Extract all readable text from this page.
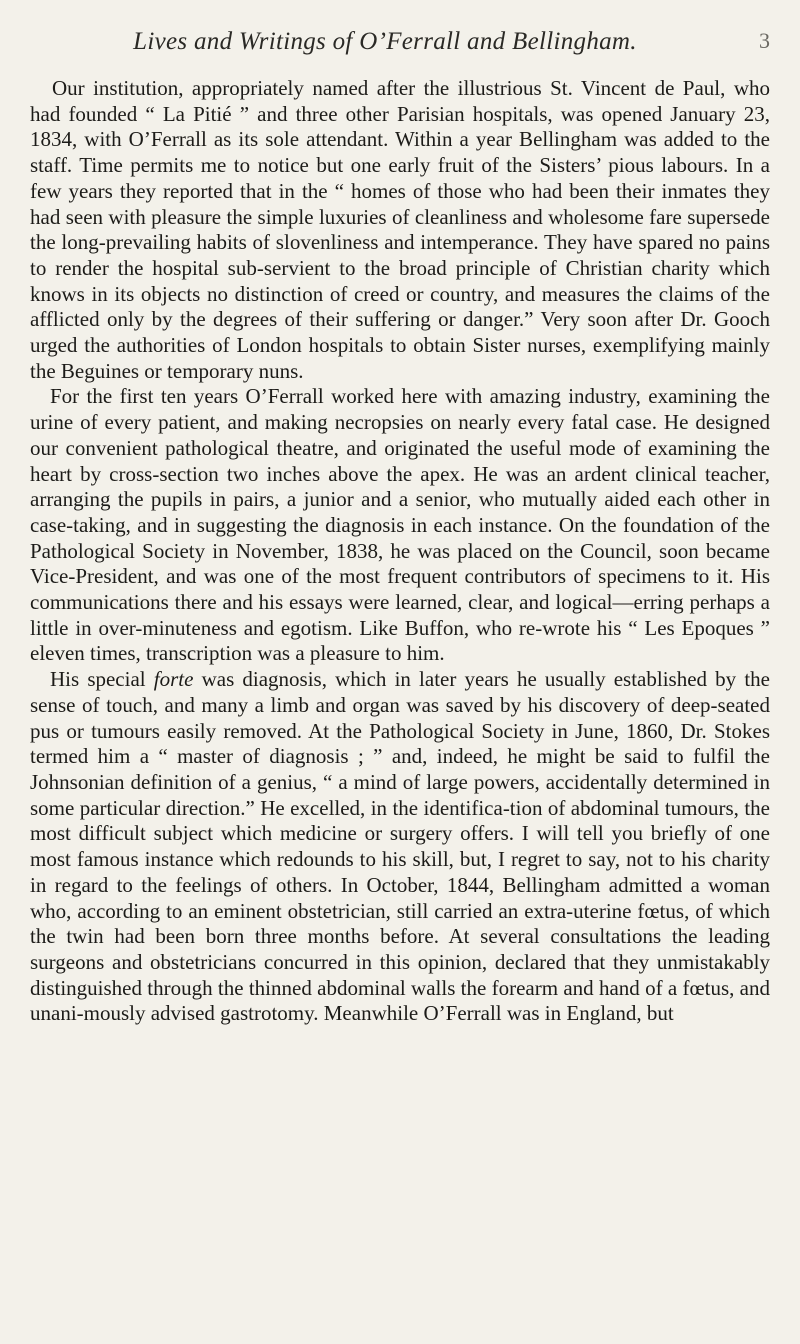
Lives and Writings of O’Ferrall and Bellingham.	3

Our institution, appropriately named after the illustrious St. Vincent de Paul, who had founded “ La Pitié ” and three other Parisian hospitals, was opened January 23, 1834, with O’Ferrall as its sole attendant. Within a year Bellingham was added to the staff. Time permits me to notice but one early fruit of the Sisters’ pious labours. In a few years they reported that in the “ homes of those who had been their inmates they had seen with pleasure the simple luxuries of cleanliness and wholesome fare supersede the long-prevailing habits of slovenliness and intemperance. They have spared no pains to render the hospital sub-servient to the broad principle of Christian charity which knows in its objects no distinction of creed or country, and measures the claims of the afflicted only by the degrees of their suffering or danger.” Very soon after Dr. Gooch urged the authorities of London hospitals to obtain Sister nurses, exemplifying mainly the Beguines or temporary nuns.

For the first ten years O’Ferrall worked here with amazing industry, examining the urine of every patient, and making necropsies on nearly every fatal case. He designed our convenient pathological theatre, and originated the useful mode of examining the heart by cross-section two inches above the apex. He was an ardent clinical teacher, arranging the pupils in pairs, a junior and a senior, who mutually aided each other in case-taking, and in suggesting the diagnosis in each instance. On the foundation of the Pathological Society in November, 1838, he was placed on the Council, soon became Vice-President, and was one of the most frequent contributors of specimens to it. His communications there and his essays were learned, clear, and logical—erring perhaps a little in over-minuteness and egotism. Like Buffon, who re-wrote his “ Les Epoques ” eleven times, transcription was a pleasure to him.

His special forte was diagnosis, which in later years he usually established by the sense of touch, and many a limb and organ was saved by his discovery of deep-seated pus or tumours easily removed. At the Pathological Society in June, 1860, Dr. Stokes termed him a “ master of diagnosis ; ” and, indeed, he might be said to fulfil the Johnsonian definition of a genius, “ a mind of large powers, accidentally determined in some particular direction.” He excelled, in the identifica-tion of abdominal tumours, the most difficult subject which medicine or surgery offers. I will tell you briefly of one most famous instance which redounds to his skill, but, I regret to say, not to his charity in regard to the feelings of others. In October, 1844, Bellingham admitted a woman who, according to an eminent obstetrician, still carried an extra-uterine fœtus, of which the twin had been born three months before. At several consultations the leading surgeons and obstetricians concurred in this opinion, declared that they unmistakably distinguished through the thinned abdominal walls the forearm and hand of a fœtus, and unani-mously advised gastrotomy. Meanwhile O’Ferrall was in England, but
